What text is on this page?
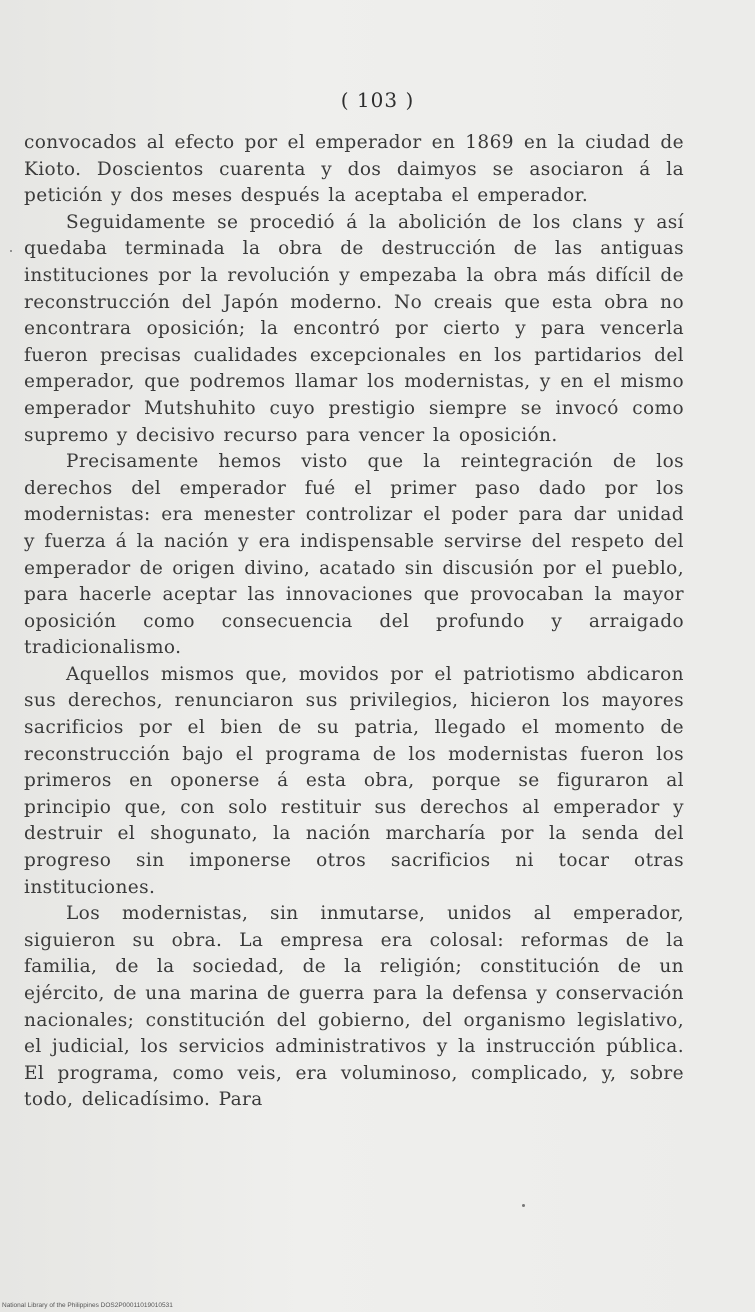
( 103 )

convocados al efecto por el emperador en 1869 en la ciudad de Kioto. Doscientos cuarenta y dos daimyos se asociaron á la petición y dos meses después la aceptaba el emperador.

Seguidamente se procedió á la abolición de los clans y así quedaba terminada la obra de destrucción de las antiguas instituciones por la revolución y empezaba la obra más difícil de reconstrucción del Japón moderno. No creais que esta obra no encontrara oposición; la encontró por cierto y para vencerla fueron precisas cualidades excepcionales en los partidarios del emperador, que podremos llamar los modernistas, y en el mismo emperador Mutshuhito cuyo prestigio siempre se invocó como supremo y decisivo recurso para vencer la oposición.

Precisamente hemos visto que la reintegración de los derechos del emperador fué el primer paso dado por los modernistas: era menester controlizar el poder para dar unidad y fuerza á la nación y era indispensable servirse del respeto del emperador de origen divino, acatado sin discusión por el pueblo, para hacerle aceptar las innovaciones que provocaban la mayor oposición como consecuencia del profundo y arraigado tradicionalismo.

Aquellos mismos que, movidos por el patriotismo abdicaron sus derechos, renunciaron sus privilegios, hicieron los mayores sacrificios por el bien de su patria, llegado el momento de reconstrucción bajo el programa de los modernistas fueron los primeros en oponerse á esta obra, porque se figuraron al principio que, con solo restituir sus derechos al emperador y destruir el shogunato, la nación marcharía por la senda del progreso sin imponerse otros sacrificios ni tocar otras instituciones.

Los modernistas, sin inmutarse, unidos al emperador, siguieron su obra. La empresa era colosal: reformas de la familia, de la sociedad, de la religión; constitución de un ejército, de una marina de guerra para la defensa y conservación nacionales; constitución del gobierno, del organismo legislativo, el judicial, los servicios administrativos y la instrucción pública. El programa, como veis, era voluminoso, complicado, y, sobre todo, delicadísimo. Para

National Library of the Philippines DOS2P00011019010531
